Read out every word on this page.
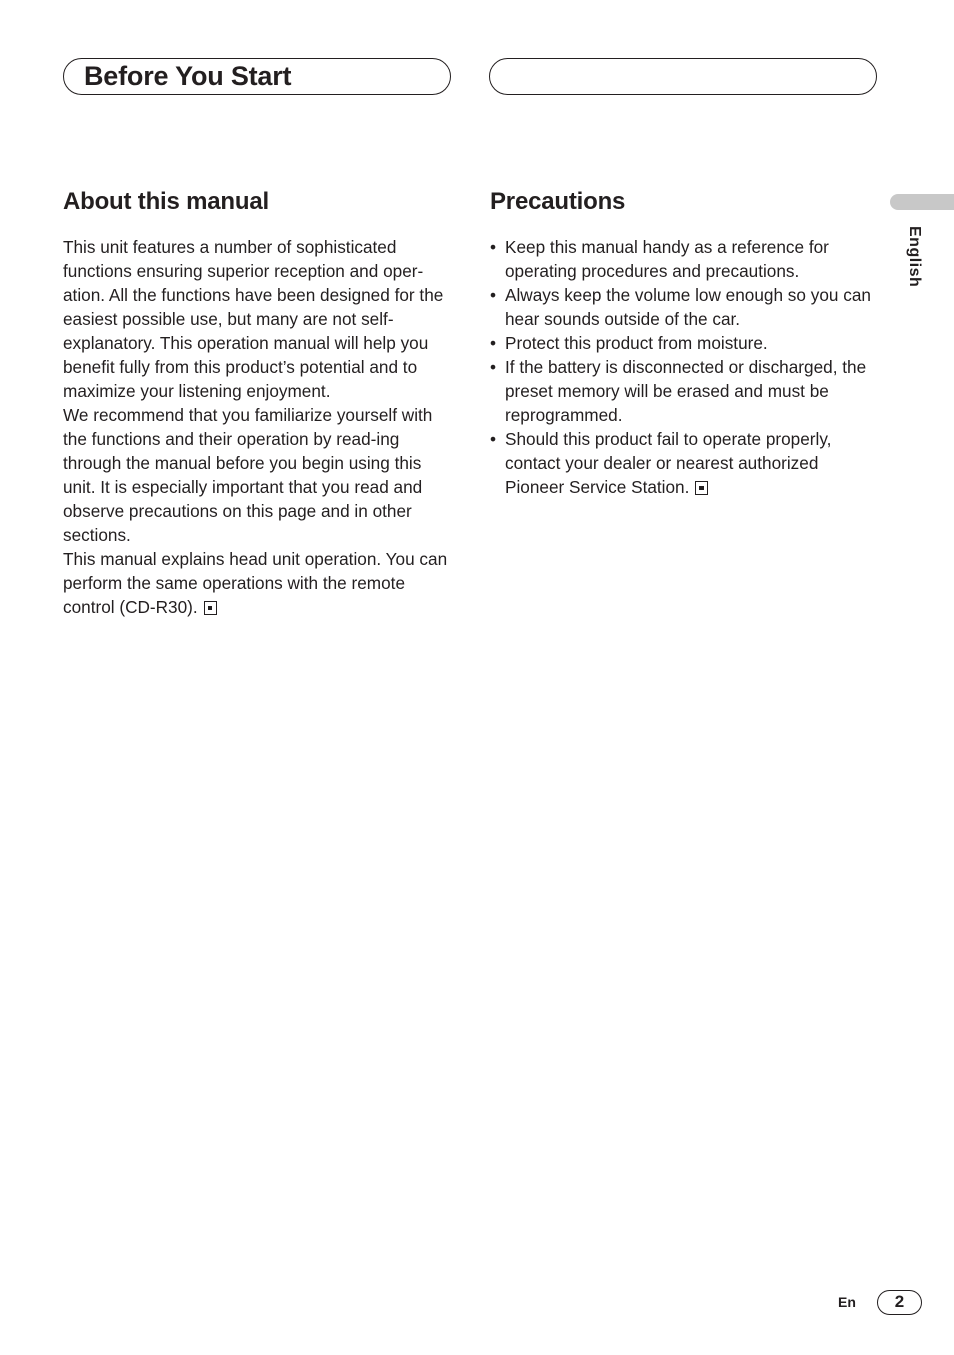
Before You Start
About this manual

This unit features a number of sophisticated functions ensuring superior reception and oper-ation. All the functions have been designed for the easiest possible use, but many are not self-explanatory. This operation manual will help you benefit fully from this product’s potential and to maximize your listening enjoyment.

We recommend that you familiarize yourself with the functions and their operation by read-ing through the manual before you begin using this unit. It is especially important that you read and observe precautions on this page and in other sections.

This manual explains head unit operation. You can perform the same operations with the remote control (CD-R30).

Precautions
• Keep this manual handy as a reference for operating procedures and precautions.
• Always keep the volume low enough so you can hear sounds outside of the car.
• Protect this product from moisture.
• If the battery is disconnected or discharged, the preset memory will be erased and must be reprogrammed.
• Should this product fail to operate properly, contact your dealer or nearest authorized Pioneer Service Station.
English
En	2
